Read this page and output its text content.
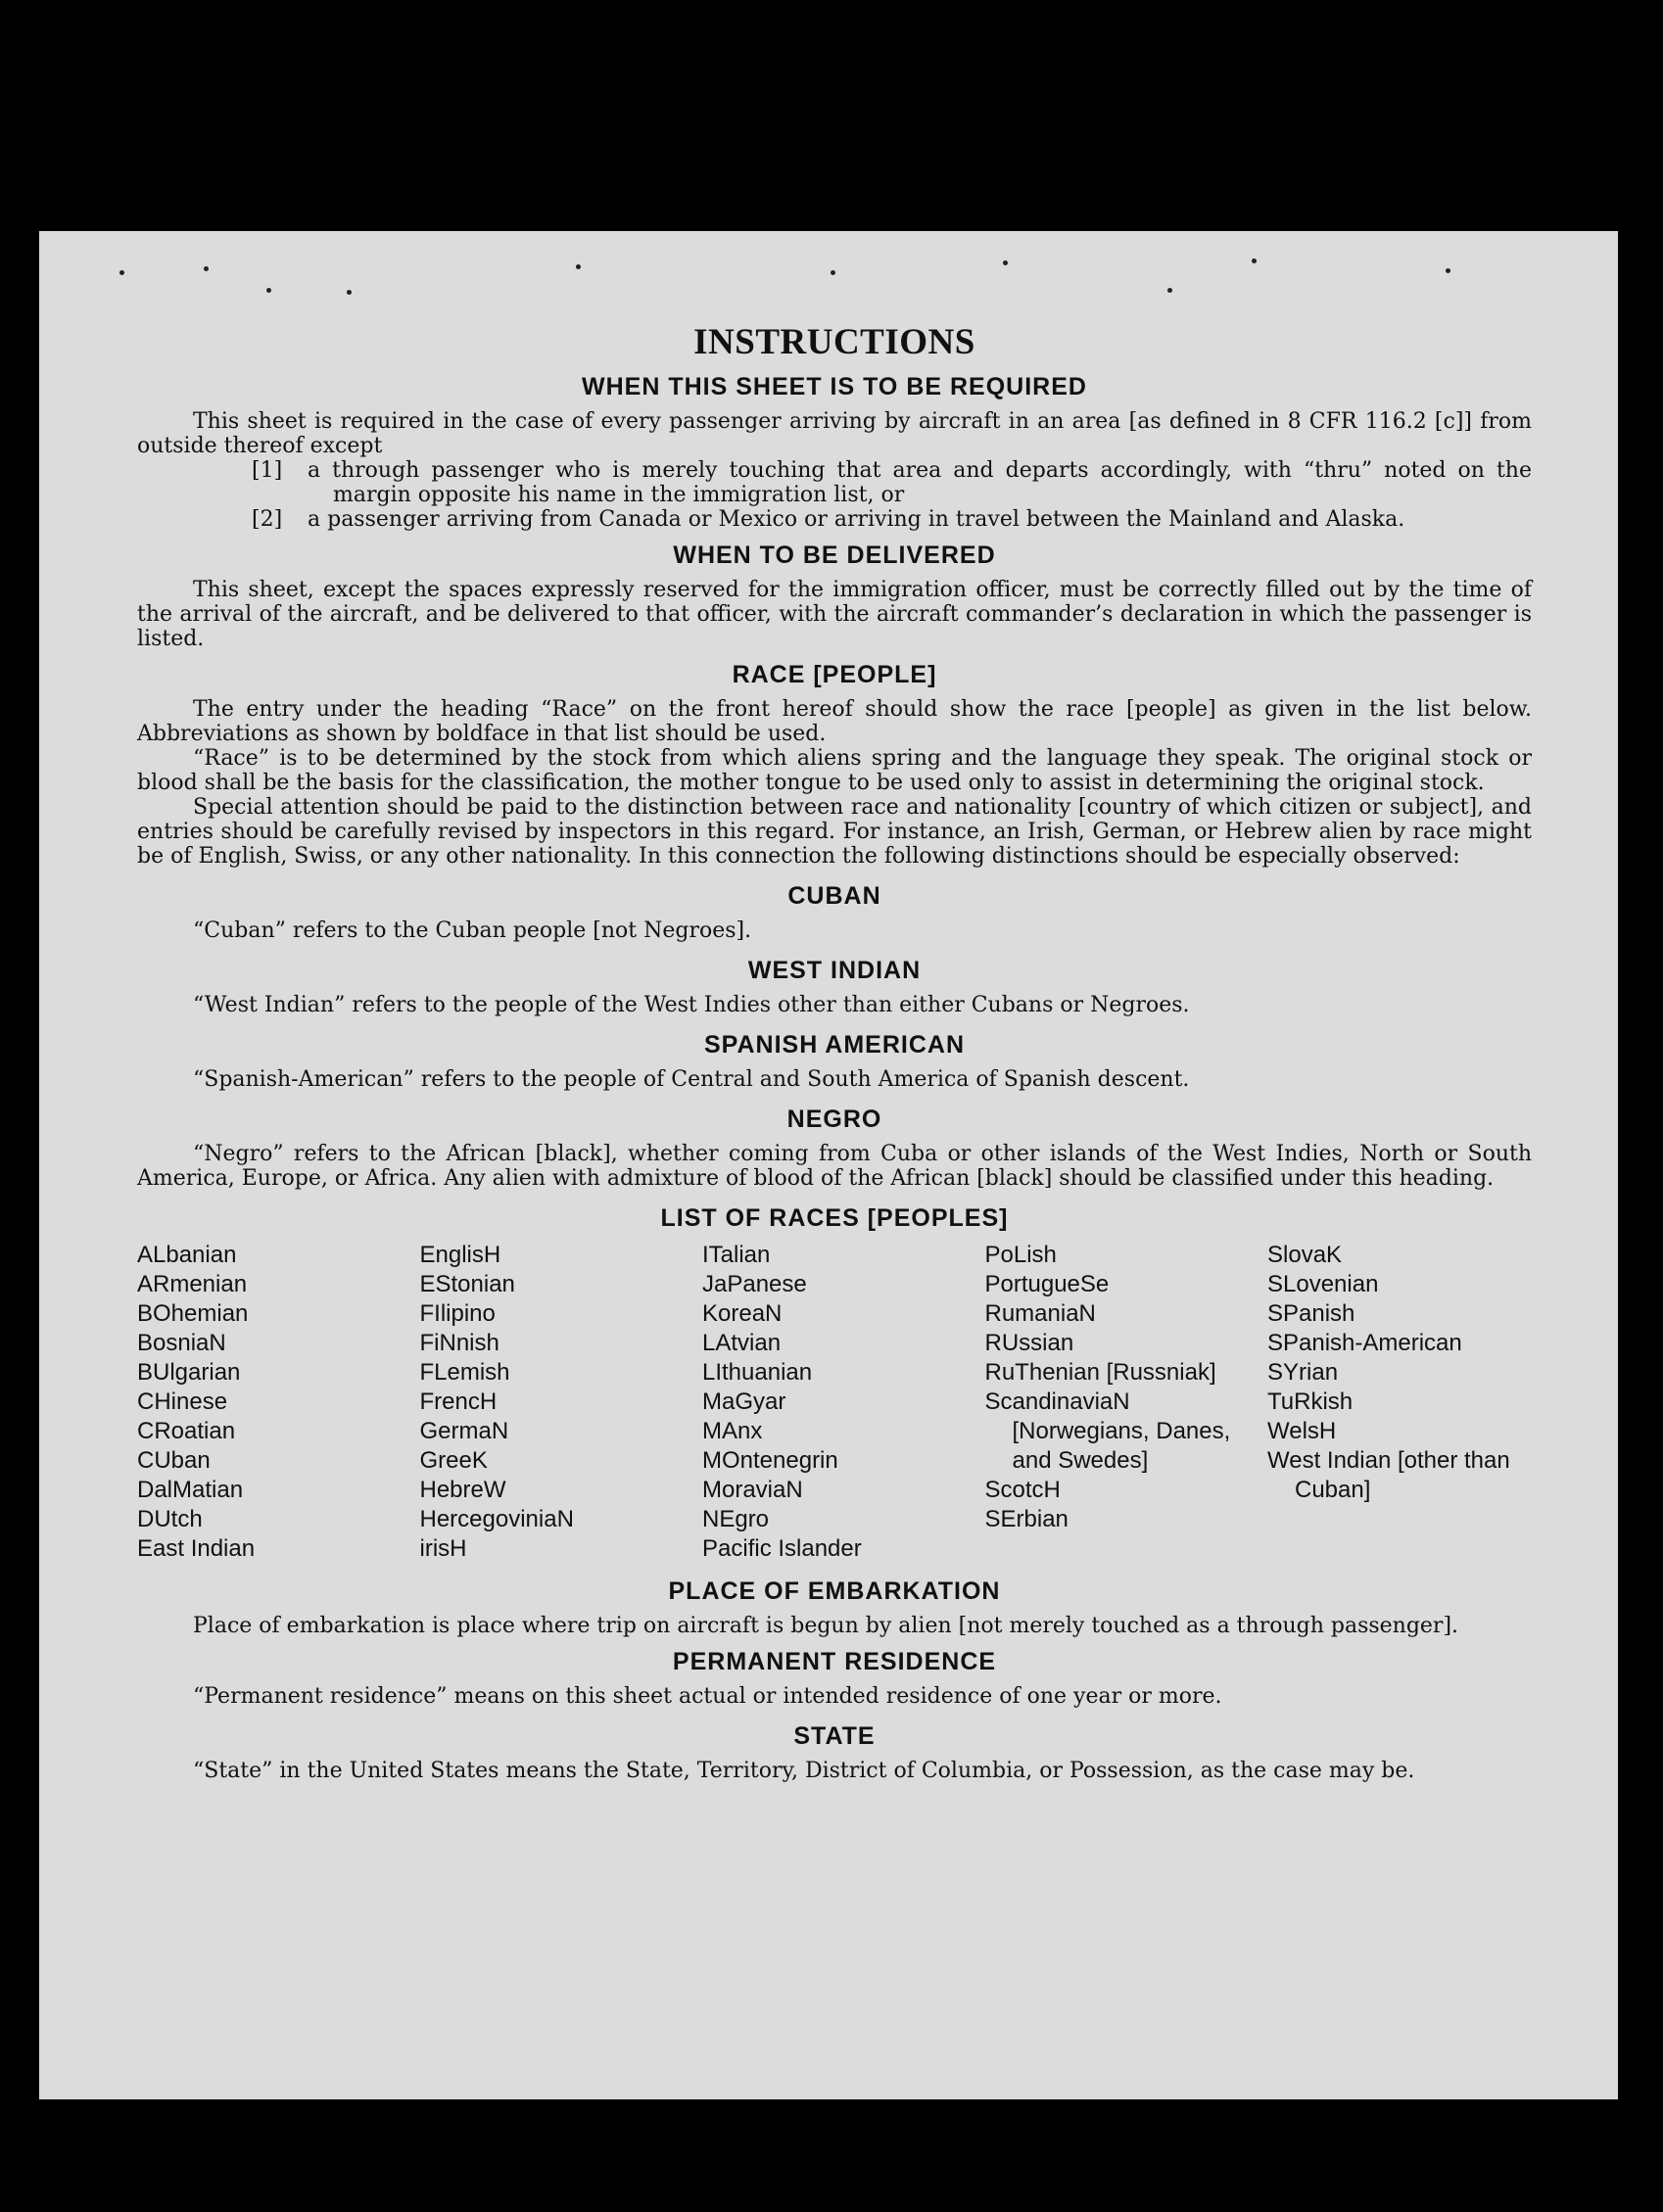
INSTRUCTIONS
WHEN THIS SHEET IS TO BE REQUIRED

This sheet is required in the case of every passenger arriving by aircraft in an area [as defined in 8 CFR 116.2 [c]] from outside thereof except

[1] a through passenger who is merely touching that area and departs accordingly, with “thru” noted on the margin opposite his name in the immigration list, or
[2] a passenger arriving from Canada or Mexico or arriving in travel between the Mainland and Alaska.
WHEN TO BE DELIVERED

This sheet, except the spaces expressly reserved for the immigration officer, must be correctly filled out by the time of the arrival of the aircraft, and be delivered to that officer, with the aircraft commander’s declaration in which the passenger is listed.

RACE [PEOPLE]

The entry under the heading “Race” on the front hereof should show the race [people] as given in the list below. Abbreviations as shown by boldface in that list should be used.

“Race” is to be determined by the stock from which aliens spring and the language they speak. The original stock or blood shall be the basis for the classification, the mother tongue to be used only to assist in determining the original stock.

Special attention should be paid to the distinction between race and nationality [country of which citizen or subject], and entries should be carefully revised by inspectors in this regard. For instance, an Irish, German, or Hebrew alien by race might be of English, Swiss, or any other nationality. In this connection the following distinctions should be especially observed:

CUBAN

“Cuban” refers to the Cuban people [not Negroes].

WEST INDIAN

“West Indian” refers to the people of the West Indies other than either Cubans or Negroes.

SPANISH AMERICAN

“Spanish-American” refers to the people of Central and South America of Spanish descent.

NEGRO

“Negro” refers to the African [black], whether coming from Cuba or other islands of the West Indies, North or South America, Europe, or Africa. Any alien with admixture of blood of the African [black] should be classified under this heading.

LIST OF RACES [PEOPLES]
ALbanian
ARmenian
BOhemian
BosniaN
BUlgarian
CHinese
CRoatian
CUban
DalMatian
DUtch
East Indian
EnglisH
EStonian
FIlipino
FiNnish
FLemish
FrencH
GermaN
GreeK
HebreW
HercegoviniaN
irisH
ITalian
JaPanese
KoreaN
LAtvian
LIthuanian
MaGyar
MAnx
MOntenegrin
MoraviaN
NEgro
Pacific Islander
PoLish
PortugueSe
RumaniaN
RUssian
RuThenian [Russniak]
ScandinaviaN [Norwegians, Danes, and Swedes]
ScotcH
SErbian
SlovaK
SLovenian
SPanish
SPanish-American
SYrian
TuRkish
WelsH
West Indian [other than Cuban]
PLACE OF EMBARKATION

Place of embarkation is place where trip on aircraft is begun by alien [not merely touched as a through passenger].

PERMANENT RESIDENCE

“Permanent residence” means on this sheet actual or intended residence of one year or more.

STATE

“State” in the United States means the State, Territory, District of Columbia, or Possession, as the case may be.
